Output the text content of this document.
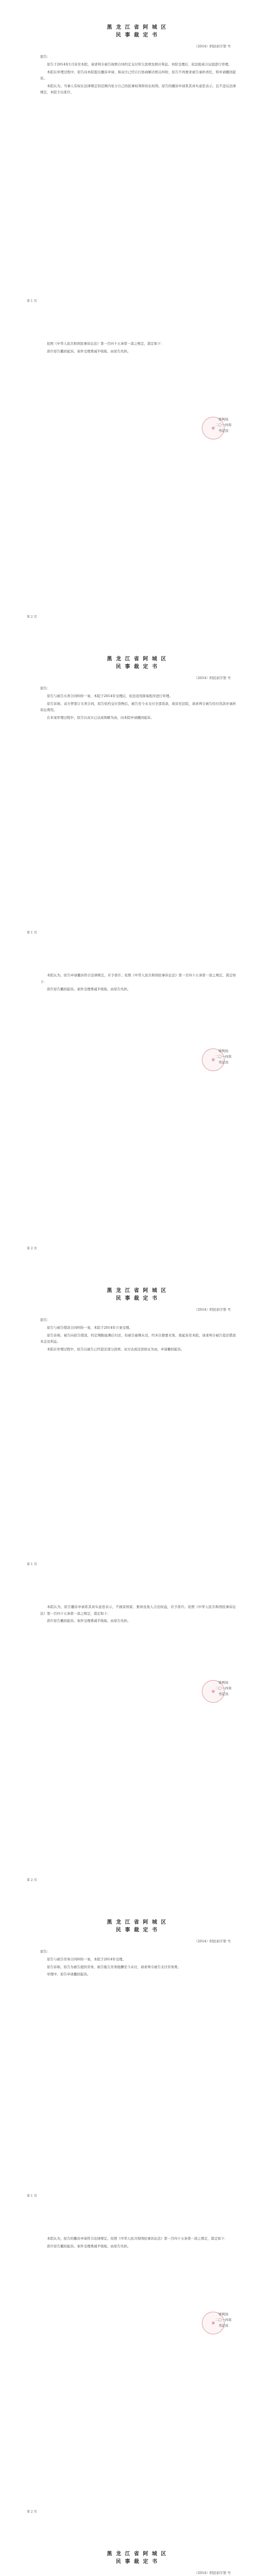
黑 龙 江 省 阿 城 区
民 事 裁 定 书
（2014）阿民初字第 号
原告：

原告于2014年1月诉至本院，请求判令被告按照合同约定支付所欠款项及相应利息。本院受理后，依法组成合议庭进行审理。

本院在审理过程中，原告向本院提出撤诉申请，称双方已经自行协商解决相关纠纷，原告不再要求被告承担责任，特申请撤回起诉。

本院认为，当事人有权在法律规定的范围内处分自己的民事权利和诉讼权利。原告的撤诉申请系其真实意思表示，且不违反法律规定，本院予以准许。

第 1 页

依照《中华人民共和国民事诉讼法》第一百四十五条第一款之规定，裁定如下：

准许原告撤回起诉。案件受理费减半收取，由原告负担。

★
审判员
二〇一四年
书记员
第 2 页
黑 龙 江 省 阿 城 区
民 事 裁 定 书
（2014）阿民初字第 号
原告：

原告与被告买卖合同纠纷一案，本院于2014年受理后，依法适用简易程序进行审理。

原告诉称，双方曾签订买卖合同，原告依约交付货物后，被告至今未支付全部货款，故诉至法院，请求判令被告给付货款并承担诉讼费用。

在本案审理过程中，原告以双方已达成和解为由，向本院申请撤回起诉。

第 1 页

本院认为，原告申请撤诉符合法律规定，应予准许。依照《中华人民共和国民事诉讼法》第一百四十五条第一款之规定，裁定如下：

准许原告撤回起诉。案件受理费减半收取，由原告负担。

★
审判员
二〇一四年
书记员
第 2 页
黑 龙 江 省 阿 城 区
民 事 裁 定 书
（2014）阿民初字第 号
原告：

原告与被告借款合同纠纷一案，本院于2014年立案受理。

原告诉称，被告向原告借款，约定期限届满后归还，但被告逾期未还，经多次催要无果，故起诉至本院，请求判令被告偿还借款本金及利息。

本院在审理过程中，原告以被告已经偿还部分款项、双方达成还款协议为由，申请撤回起诉。

第 1 页

本院认为，原告撤诉申请系其真实意思表示，不损害国家、集体及他人合法权益，应予准许。依照《中华人民共和国民事诉讼法》第一百四十五条第一款之规定，裁定如下：

准许原告撤回起诉。案件受理费减半收取，由原告负担。

★
审判员
二〇一四年
书记员
第 2 页
黑 龙 江 省 阿 城 区
民 事 裁 定 书
（2014）阿民初字第 号
原告：

原告与被告劳务合同纠纷一案，本院于2014年受理。

原告诉称，原告为被告提供劳务，被告拖欠劳务报酬至今未付，请求判令被告支付劳务费。

审理中，原告申请撤回起诉。

第 1 页

本院认为，原告的撤诉申请符合法律规定。依照《中华人民共和国民事诉讼法》第一百四十五条第一款之规定，裁定如下：

准许原告撤回起诉。案件受理费减半收取，由原告负担。

★
审判员
二〇一四年
书记员
第 2 页
黑 龙 江 省 阿 城 区
民 事 裁 定 书
（2014）阿民初字第 号
